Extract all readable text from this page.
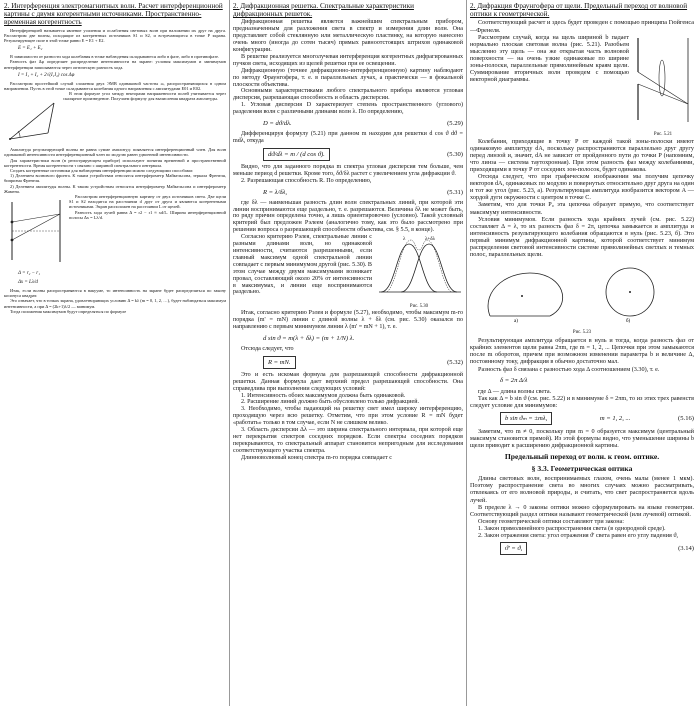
2. Интерференция электромагнитных волн. Расчет интерференционной картины с двумя когерентными источниками. Пространственно-временная когерентность

Интерференцией называется явление усиления и ослабления световых волн при наложении их друг на друга. Рассмотрим две волны, исходящие из когерентных источников S1 и S2, и встречающиеся в точке P экрана. Результирующее поле в этой точке равно E = E1 + E2.

E = E₁ + E₂

В зависимости от разности хода колебания в точке наблюдения складываются либо в фазе, либо в противофазе.

Разность фаз Δφ определяет распределение интенсивности на экране: условия максимумов и минимумов интерференции записываются через оптическую разность хода.

I = I₁ + I₂ + 2√(I₁I₂) cos Δφ

Рассмотрим простейший случай сложения двух ЭМВ одинаковой частоты ω, распространяющихся в одном направлении. Пусть в этой точке складываются колебания одного направления с амплитудами E01 и E02.

В этом формуле угол между векторами напряженности полей учитывается через скалярное произведение. Получаем формулу для вычисления квадрата амплитуды.

Амплитуда результирующей волны не равна сумме амплитуд: появляется интерференционный член. Для волн одинаковой интенсивности интерференционный член по модулю равен удвоенной интенсивности.

Для характеристики волн (в регистрирующем приборе) используют понятия временной и пространственной когерентности. Время когерентности τ связано с шириной спектрального интервала.

Создать когерентные источники для наблюдения интерференции можно следующими способами:

1) Делением волнового фронта. К таким устройствам относятся интерферометр Майкельсона, зеркала Френеля, бипризма Френеля.

2) Делением амплитуды волны. К таким устройствам относятся интерферометр Майкельсона и интерферометр Жамена.

Рассмотрим интерференционную картину от двух источников света. Две щели S1 и S2 находятся на расстоянии d друг от друга и являются когерентными источниками. Экран расположен на расстоянии L от щелей.

Разность хода лучей равна Δ = r2 − r1 ≈ xd/L. Ширина интерференционной полосы Δx = Lλ/d.

Δ = r₂ − r₁
Δx = Lλ/d

Итак, если волны распространяются в вакууме, то интенсивность на экране будет распределяться по закону косинуса квадрат.

Это означает, что в точках экрана, удовлетворяющих условию Δ = kλ (m = 0, 1, 2, …), будет наблюдаться максимум интенсивности, а при Δ = (2k+1)λ/2 — минимум.

Тогда положения максимумов будут определяться по формуле

2. Дифракционная решетка. Спектральные характеристики дифракционных решеток.

Дифракционная решетка является важнейшим спектральным прибором, предназначенным для разложения света в спектр и измерения длин волн. Она представляет собой стеклянную или металлическую пластинку, на которую нанесено очень много (иногда до сотен тысяч) прямых равноотстоящих штрихов одинаковой конфигурации.

В решетке реализуется многолучевая интерференция когерентных дифрагированных пучков света, исходящих из щелей решетки при ее освещении.

Дифракционную (точнее дифракционно-интерференционную) картину наблюдают по методу Фраунгофера, т. е. в параллельных лучах, а практически — в фокальной плоскости объектива.

Основными характеристиками любого спектрального прибора являются угловая дисперсия, разрешающая способность и область дисперсии.

1. Угловая дисперсия D характеризует степень пространственного (углового) разделения волн с различными длинами волн λ. По определению,

D = dϑ/dλ.	(5.29)

Дифференцируя формулу (5.21) при данном m находим для решетки d cos ϑ dϑ = mdλ, откуда

dϑ/dλ = m / (d cos ϑ).	(5.30)

Видно, что для заданного порядка m спектра угловая дисперсия тем больше, чем меньше период d решетки. Кроме того, δϑ/δλ растет с увеличением угла дифракции ϑ.

2. Разрешающая способность R. По определению,

R = λ/δλ,	(5.31)

где δλ — наименьшая разность длин волн спектральных линий, при которой эти линии воспринимаются еще раздельно, т. е. разрешаются. Величина δλ не может быть, по ряду причин определена точно, а лишь ориентировочно (условно). Такой условный критерий был предложен Рэлеем (аналогично тому, как это было рассмотрено при решении вопроса о разрешающей способности объектива, см. § 5.5, в конце).

Согласно критерию Рэлея, спектральные линии с разными длинами волн, но одинаковой интенсивности, считаются разрешенными, если главный максимум одной спектральной линии совпадает с первым минимумом другой (рис. 5.30). В этом случае между двумя максимумами возникает провал, составляющий около 20% от интенсивности в максимумах, и линии еще воспринимаются раздельно.

λ	λ+δλ
Рис. 5.30

Итак, согласно критерию Рэлея и формуле (5.27), необходимо, чтобы максимум m-го порядка (m' = mN) линии с длиной волны λ + δλ (см. рис. 5.30) оказался по направлению с первым минимумом линии λ (m' = mN + 1), т. е.

d sin ϑ = m(λ + δλ) = (m + 1/N) λ.

Отсюда следует, что

R = mN.	(5.32)

Это и есть искомая формула для разрешающей способности дифракционной решетки. Данная формула дает верхний предел разрешающей способности. Она справедлива при выполнении следующих условий:

1. Интенсивность обоих максимумов должна быть одинаковой.

2. Расширение линий должно быть обусловлено только дифракцией.

3. Необходимо, чтобы падающий на решетку свет имел широку интерференцию, проходящую через всю решетку. Отметим, что при этом условие R = mN будет «работать» только в том случае, если N не слишком велико.

3. Область дисперсии Δλ — это ширина спектрального интервала, при которой еще нет перекрытия спектров соседних порядков. Если спектры соседних порядков перекрываются, то спектральный аппарат становится непригодным для исследования соответствующего участка спектра.

Длинноволновый конец спектра m-го порядка совпадает с

2. Дифракция Фраунгофера от щели. Предельный переход от волновой оптики к геометрической.

Соответствующий расчет и здесь будет проведен с помощью принципа Гюйгенса—Френеля.

Рассмотрим случай, когда на щель шириной b падает нормально плоская световая волна (рис. 5.21). Разобьем мысленно эту щель — она же открытая часть волновой поверхности — на очень узкие одинаковые по ширине зоны-полоски, параллельные прямолинейным краям щели. Суммирование вторичных волн проведем с помощью векторной диаграммы.

Рис. 5.21

Колебания, приходящие в точку P от каждой такой зоны-полоски имеют одинаковую амплитуду dA, поскольку распространяются параллельно друг другу перед линзой и, значит, dA не зависит от пройденного пути до точки P (напомним, что линза — система таутохронная). При этом разность фаз между колебаниями, приходящими в точку P от соседних зон-полосок, будет одинакова.

Отсюда следует, что при графическом изображении мы получим цепочку векторов dA, одинаковых по модулю и повернутых относительно друг друга на один и тот же угол (рис. 5.23, а). Результирующая амплитуда изобразится вектором A — хордой дуги окружности с центром в точке C.

Заметим, что для точки P₀ эта цепочка образует прямую, что соответствует максимуму интенсивности.

Условия минимумов. Если разность хода крайних лучей (см. рис. 5.22) составляет Δ = λ, то их разность фаз δ = 2π, цепочка замыкается и амплитуда и интенсивность результирующего колебания обращаются в нуль (рис. 5.23, б). Это первый минимум дифракционной картины, которой соответствует минимум распределения световой интенсивности системе прямолинейных светлых и темных полос, параллельных щели.

а)	б)
Рис. 5.23

Результирующая амплитуда обращается в нуль и тогда, когда разность фаз от крайних элементов щели равна 2πm, где m = 1, 2, ... Цепочки при этом замыкаются после m оборотов, причем при возможном изменении параметра b и величине Δ, постоянному току, дифракция в обычно достаточно мал.

Разность фаз δ связана с разностью хода Δ соотношением (3.30), т. е.

δ = 2π Δ/λ

где Δ — длина волны света.

Так как Δ = b sin ϑ (см. рис. 5.22) и в минимуме δ = 2πm, то из этих трех равенств следует условие для минимумов:

b sin ϑₘ = ±mλ,	m = 1, 2, ...	(5.16)

Заметим, что m ≠ 0, поскольку при m = 0 образуется максимум (центральный максимум становится прямой). Из этой формулы видно, что уменьшение ширины b щели приводит к расширению дифракционной картины.

Предельный переход от волн. к геом. оптике.
§ 3.3. Геометрическая оптика

Длины световых волн, воспринимаемых глазом, очень малы (менее 1 мкм). Поэтому распространение света во многих случаях можно рассматривать, отвлекаясь от его волновой природы, и считать, что свет распространяется вдоль лучей.

В пределе λ → 0 законы оптики можно сформулировать на языке геометрии. Соответствующий раздел оптики называют геометрической (или лучевой) оптикой.

Основу геометрической оптики составляют три закона:

1. Закон прямолинейного распространения света (в однородной среде).

2. Закон отражения света: угол отражения ϑ' света равен его углу падения ϑ,

ϑ' = ϑ,	(3.14)
